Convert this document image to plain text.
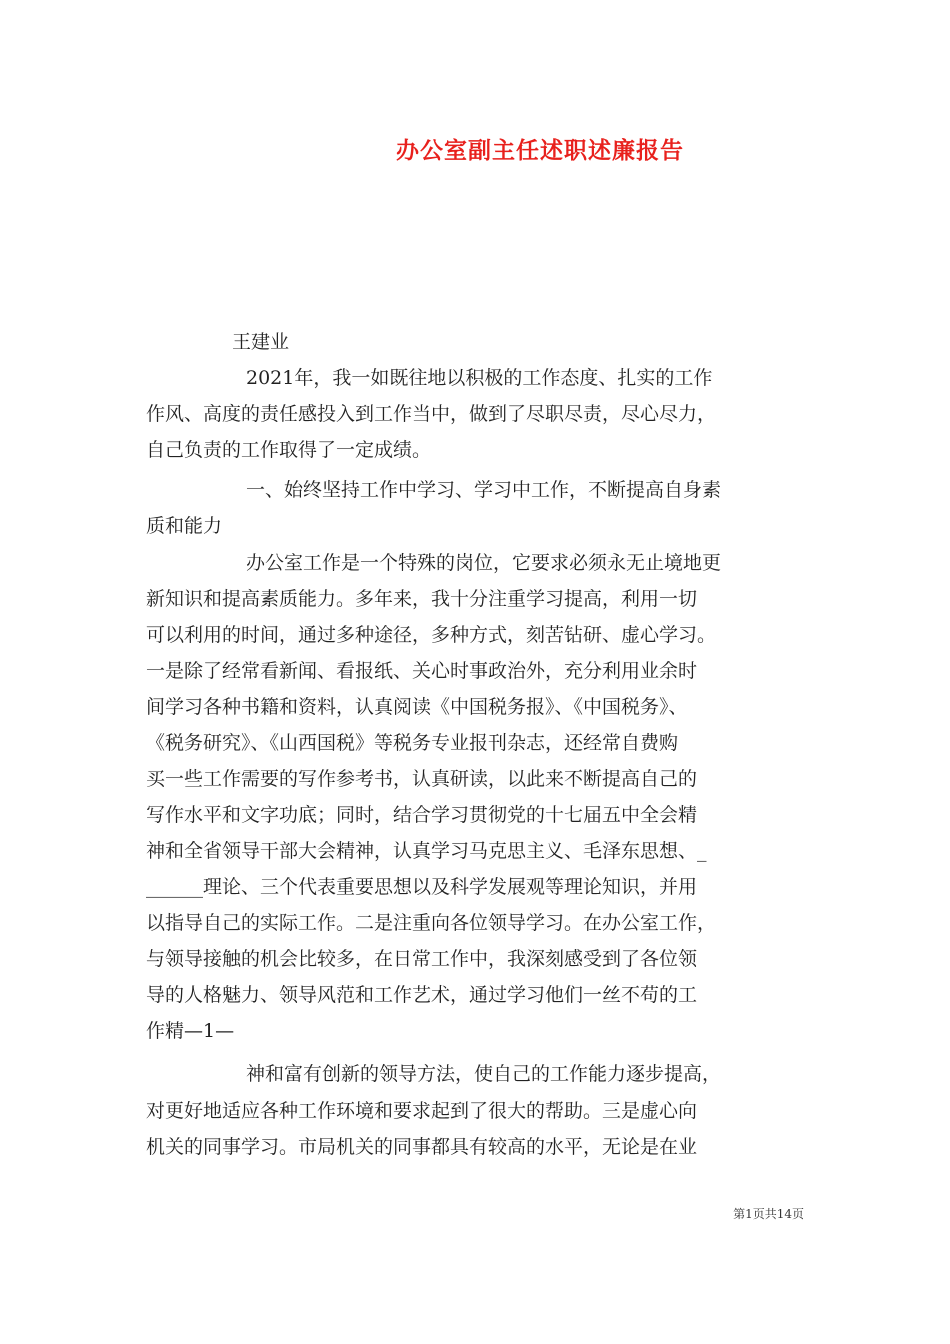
办公室副主任述职述廉报告
王建业
2021年，我一如既往地以积极的工作态度、扎实的工作
作风、高度的责任感投入到工作当中，做到了尽职尽责，尽心尽力，
自己负责的工作取得了一定成绩。
一、始终坚持工作中学习、学习中工作，不断提高自身素
质和能力
办公室工作是一个特殊的岗位，它要求必须永无止境地更
新知识和提高素质能力。多年来，我十分注重学习提高，利用一切
可以利用的时间，通过多种途径，多种方式，刻苦钻研、虚心学习。
一是除了经常看新闻、看报纸、关心时事政治外，充分利用业余时
间学习各种书籍和资料，认真阅读《中国税务报》、《中国税务》、
《税务研究》、《山西国税》等税务专业报刊杂志，还经常自费购
买一些工作需要的写作参考书，认真研读，以此来不断提高自己的
写作水平和文字功底；同时，结合学习贯彻党的十七届五中全会精
神和全省领导干部大会精神，认真学习马克思主义、毛泽东思想、_
______理论、三个代表重要思想以及科学发展观等理论知识，并用
以指导自己的实际工作。二是注重向各位领导学习。在办公室工作，
与领导接触的机会比较多，在日常工作中，我深刻感受到了各位领
导的人格魅力、领导风范和工作艺术，通过学习他们一丝不苟的工
作精—1—
神和富有创新的领导方法，使自己的工作能力逐步提高，
对更好地适应各种工作环境和要求起到了很大的帮助。三是虚心向
机关的同事学习。市局机关的同事都具有较高的水平，无论是在业
第1页共14页
